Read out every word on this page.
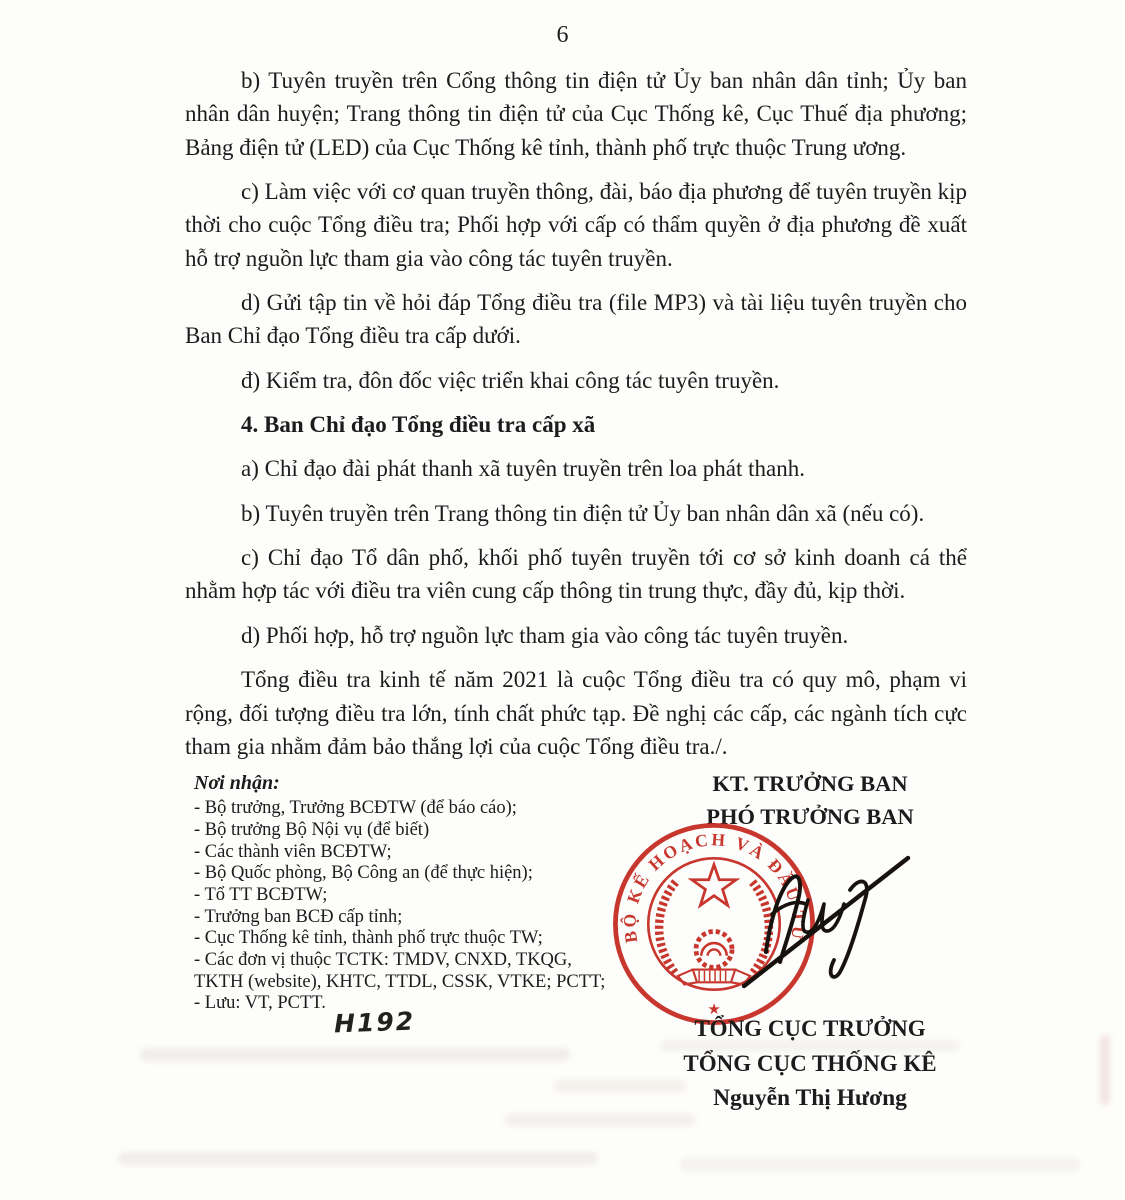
6

b) Tuyên truyền trên Cổng thông tin điện tử Ủy ban nhân dân tỉnh; Ủy ban nhân dân huyện; Trang thông tin điện tử của Cục Thống kê, Cục Thuế địa phương; Bảng điện tử (LED) của Cục Thống kê tỉnh, thành phố trực thuộc Trung ương.

c) Làm việc với cơ quan truyền thông, đài, báo địa phương để tuyên truyền kịp thời cho cuộc Tổng điều tra; Phối hợp với cấp có thẩm quyền ở địa phương đề xuất hỗ trợ nguồn lực tham gia vào công tác tuyên truyền.

d) Gửi tập tin về hỏi đáp Tổng điều tra (file MP3) và tài liệu tuyên truyền cho Ban Chỉ đạo Tổng điều tra cấp dưới.

đ) Kiểm tra, đôn đốc việc triển khai công tác tuyên truyền.

4. Ban Chỉ đạo Tổng điều tra cấp xã

a) Chỉ đạo đài phát thanh xã tuyên truyền trên loa phát thanh.

b) Tuyên truyền trên Trang thông tin điện tử Ủy ban nhân dân xã (nếu có).

c) Chỉ đạo Tổ dân phố, khối phố tuyên truyền tới cơ sở kinh doanh cá thể nhằm hợp tác với điều tra viên cung cấp thông tin trung thực, đầy đủ, kịp thời.

d) Phối hợp, hỗ trợ nguồn lực tham gia vào công tác tuyên truyền.

Tổng điều tra kinh tế năm 2021 là cuộc Tổng điều tra có quy mô, phạm vi rộng, đối tượng điều tra lớn, tính chất phức tạp. Đề nghị các cấp, các ngành tích cực tham gia nhằm đảm bảo thắng lợi của cuộc Tổng điều tra./.

Nơi nhận:
- Bộ trưởng, Trưởng BCĐTW (để báo cáo);
- Bộ trưởng Bộ Nội vụ (để biết)
- Các thành viên BCĐTW;
- Bộ Quốc phòng, Bộ Công an (để thực hiện);
- Tổ TT BCĐTW;
- Trưởng ban BCĐ cấp tỉnh;
- Cục Thống kê tỉnh, thành phố trực thuộc TW;
- Các đơn vị thuộc TCTK: TMDV, CNXD, TKQG,
TKTH (website), KHTC, TTDL, CSSK, VTKE; PCTT;
- Lưu: VT, PCTT.
H192
KT. TRƯỞNG BAN
PHÓ TRƯỞNG BAN
BỘ KẾ HOẠCH VÀ ĐẦU TƯ
★
TỔNG CỤC TRƯỞNG
TỔNG CỤC THỐNG KÊ
Nguyễn Thị Hương
